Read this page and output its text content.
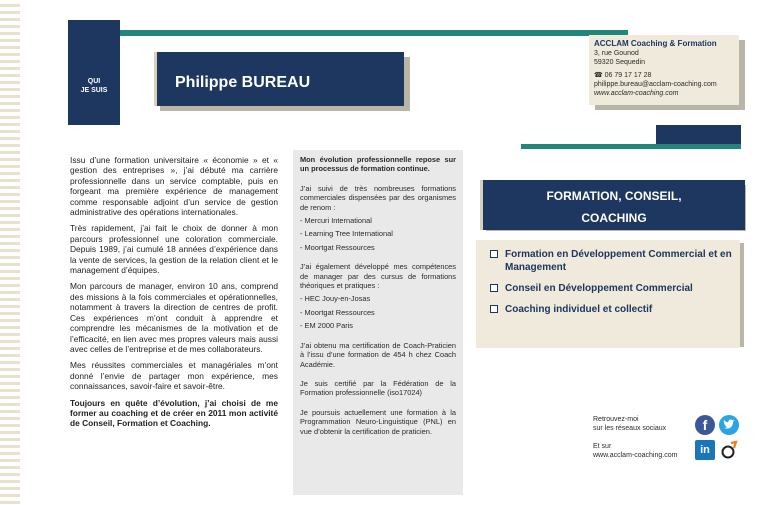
QUI
JE SUIS	Philippe BUREAU
ACCLAM Coaching & Formation
3, rue Gounod
59320 Sequedin
☎ 06 79 17 17 28
philippe.bureau@acclam-coaching.com
www.acclam-coaching.com

Issu d’une formation universitaire « économie » et « gestion des entreprises », j’ai débuté ma carrière professionnelle dans un service comptable, puis en forgeant ma première expérience de management comme responsable adjoint d’un service de gestion administrative des opérations internationales.

Très rapidement, j’ai fait le choix de donner à mon parcours professionnel une coloration commerciale. Depuis 1989, j’ai cumulé 18 années d’expérience dans la vente de services, la gestion de la relation client et le management d’équipes.

Mon parcours de manager, environ 10 ans, comprend des missions à la fois commerciales et opérationnelles, notamment à travers la direction de centres de profit. Ces expériences m’ont conduit à apprendre et comprendre les mécanismes de la motivation et de l’efficacité, en lien avec mes propres valeurs mais aussi avec celles de l’entreprise et de mes collaborateurs.

Mes réussites commerciales et managériales m’ont donné l’envie de partager mon expérience, mes connaissances, savoir-faire et savoir-être.

Toujours en quête d’évolution, j’ai choisi de me former au coaching et de créer en 2011 mon activité de Conseil, Formation et Coaching.

Mon évolution professionnelle repose sur un processus de formation continue.
J’ai suivi de très nombreuses formations commerciales dispensées par des organismes de renom :
- Mercuri International
- Learning Tree International
- Moortgat Ressources
J’ai également développé mes compétences de manager par des cursus de formations théoriques et pratiques :
- HEC Jouy-en-Josas
- Moortgat Ressources
- EM 2000 Paris
J’ai obtenu ma certification de Coach-Praticien à l’issu d’une formation de 454 h chez Coach Académie.
Je suis certifié par la Fédération de la Formation professionnelle (iso17024)
Je poursuis actuellement une formation à la Programmation Neuro-Linguistique (PNL) en vue d’obtenir la certification de praticien.
FORMATION, CONSEIL,
COACHING
Formation en Développement Commercial et en Management
Conseil en Développement Commercial
Coaching individuel et collectif
Retrouvez-moi
sur les réseaux sociaux
Et sur
www.acclam-coaching.com
f
in
